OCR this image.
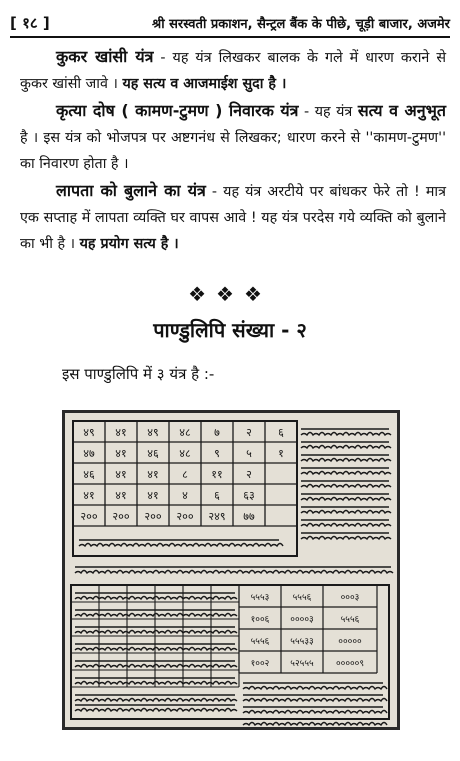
[ १८ ]	श्री सरस्वती प्रकाशन, सैन्ट्रल बैंक के पीछे, चूड़ी बाजार, अजमेर

कुकर खांसी यंत्र - यह यंत्र लिखकर बालक के गले में धारण कराने से कुकर खांसी जावे । यह सत्य व आजमाईश सुदा है ।

कृत्या दोष ( कामण-टुमण ) निवारक यंत्र - यह यंत्र सत्य व अनुभूत है । इस यंत्र को भोजपत्र पर अष्टगनंध से लिखकर; धारण करने से ''कामण-टुमण'' का निवारण होता है ।

लापता को बुलाने का यंत्र - यह यंत्र अरटीये पर बांधकर फेरे तो ! मात्र एक सप्ताह में लापता व्यक्ति घर वापस आवे ! यह यंत्र परदेस गये व्यक्ति को बुलाने का भी है । यह प्रयोग सत्य है ।

❖❖❖
पाण्डुलिपि संख्या - २
इस पाण्डुलिपि में ३ यंत्र है :-
४९ ४१ ४९ ४८ ७ २ ६
४७ ४१ ४६ ४८ ९ ५ १
४६ ४१ ४१ ८ ११ २
४१ ४१ ४१ ४ ६ ६३
२०० २०० २०० २०० २४९ ७७
५५५३	५५५६	०००३
१००६ ००००३	५५५६
५५५६ ५५५३३	०००००
१००२ ५२५५५ ०००००९
